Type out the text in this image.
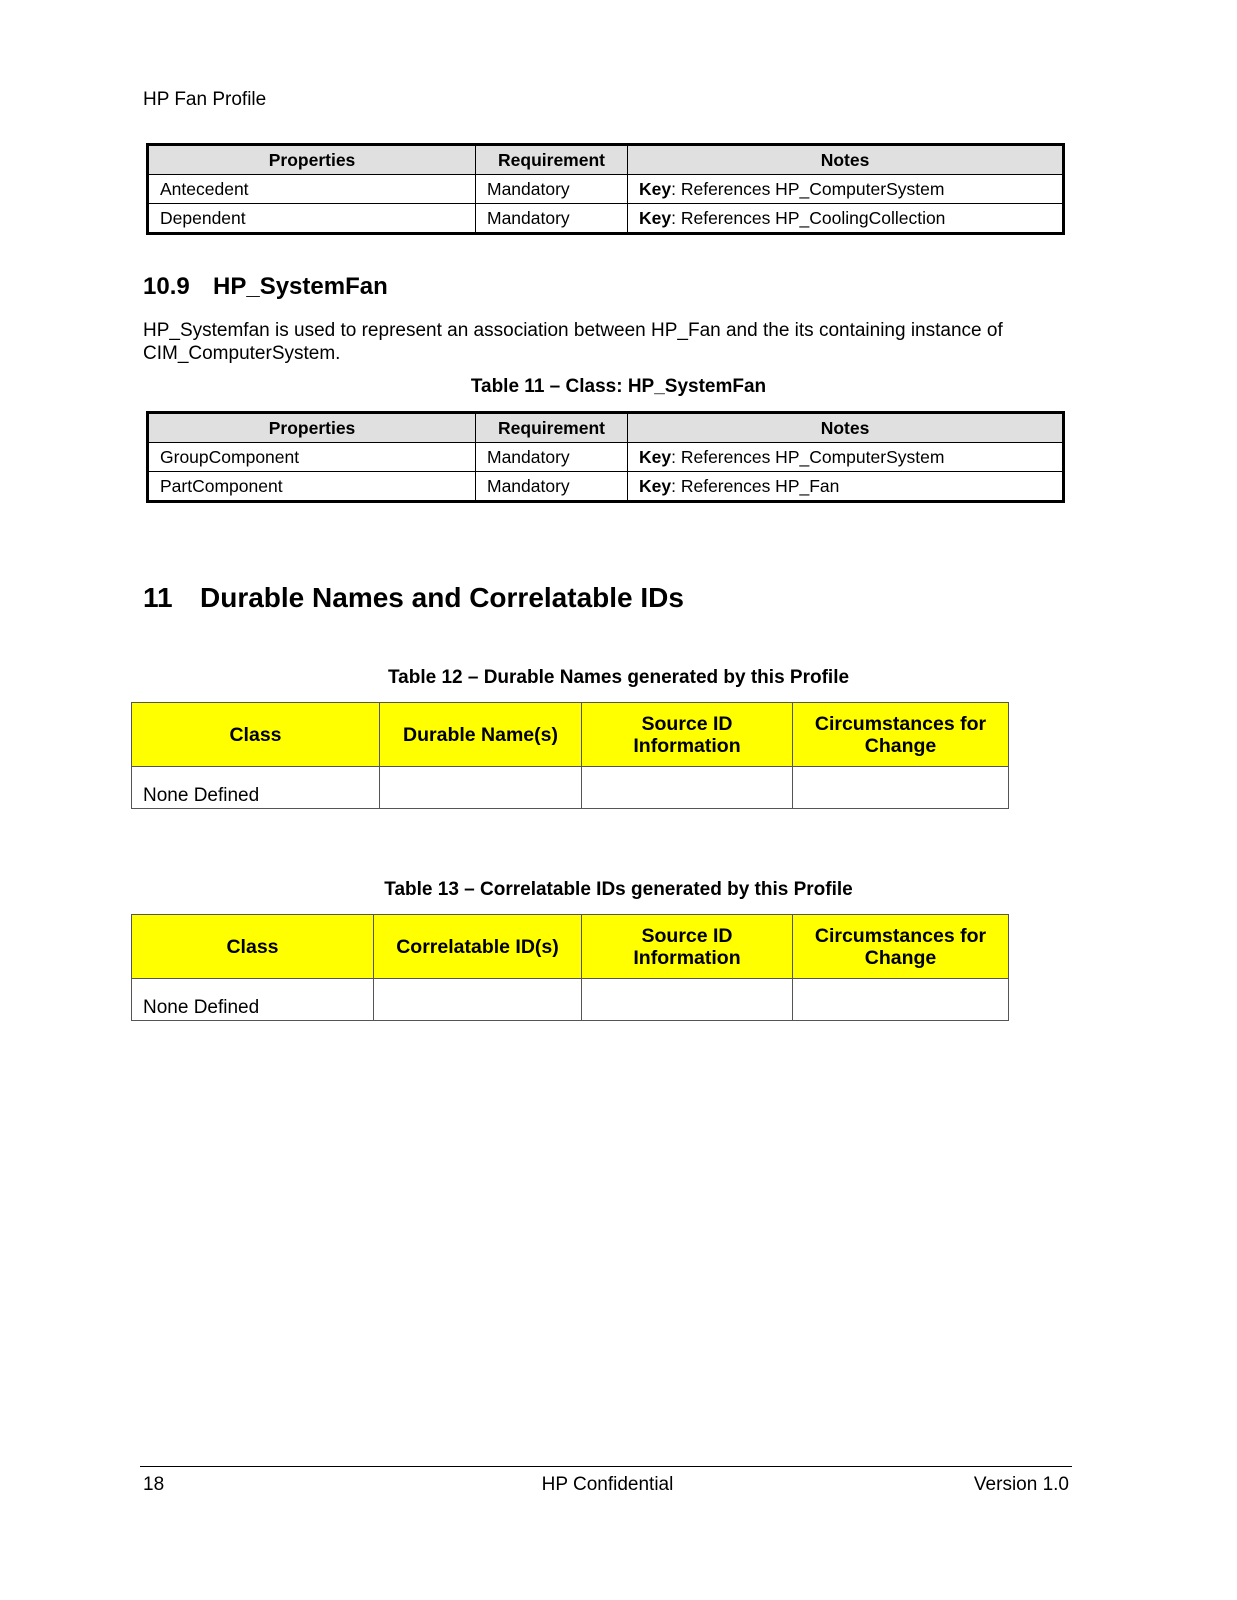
HP Fan Profile
Properties	Requirement	Notes
Antecedent	Mandatory	Key: References HP_ComputerSystem
Dependent	Mandatory	Key: References HP_CoolingCollection
10.9 HP_SystemFan
HP_Systemfan is used to represent an association between HP_Fan and the its containing instance of CIM_ComputerSystem.
Table 11 – Class: HP_SystemFan
Properties	Requirement	Notes
GroupComponent	Mandatory	Key: References HP_ComputerSystem
PartComponent	Mandatory	Key: References HP_Fan
11 Durable Names and Correlatable IDs
Table 12 – Durable Names generated by this Profile
Class	Durable Name(s)	Source ID Information	Circumstances for Change
None Defined			
Table 13 – Correlatable IDs generated by this Profile
Class	Correlatable ID(s)	Source ID Information	Circumstances for Change
None Defined			
18	HP Confidential	Version 1.0
